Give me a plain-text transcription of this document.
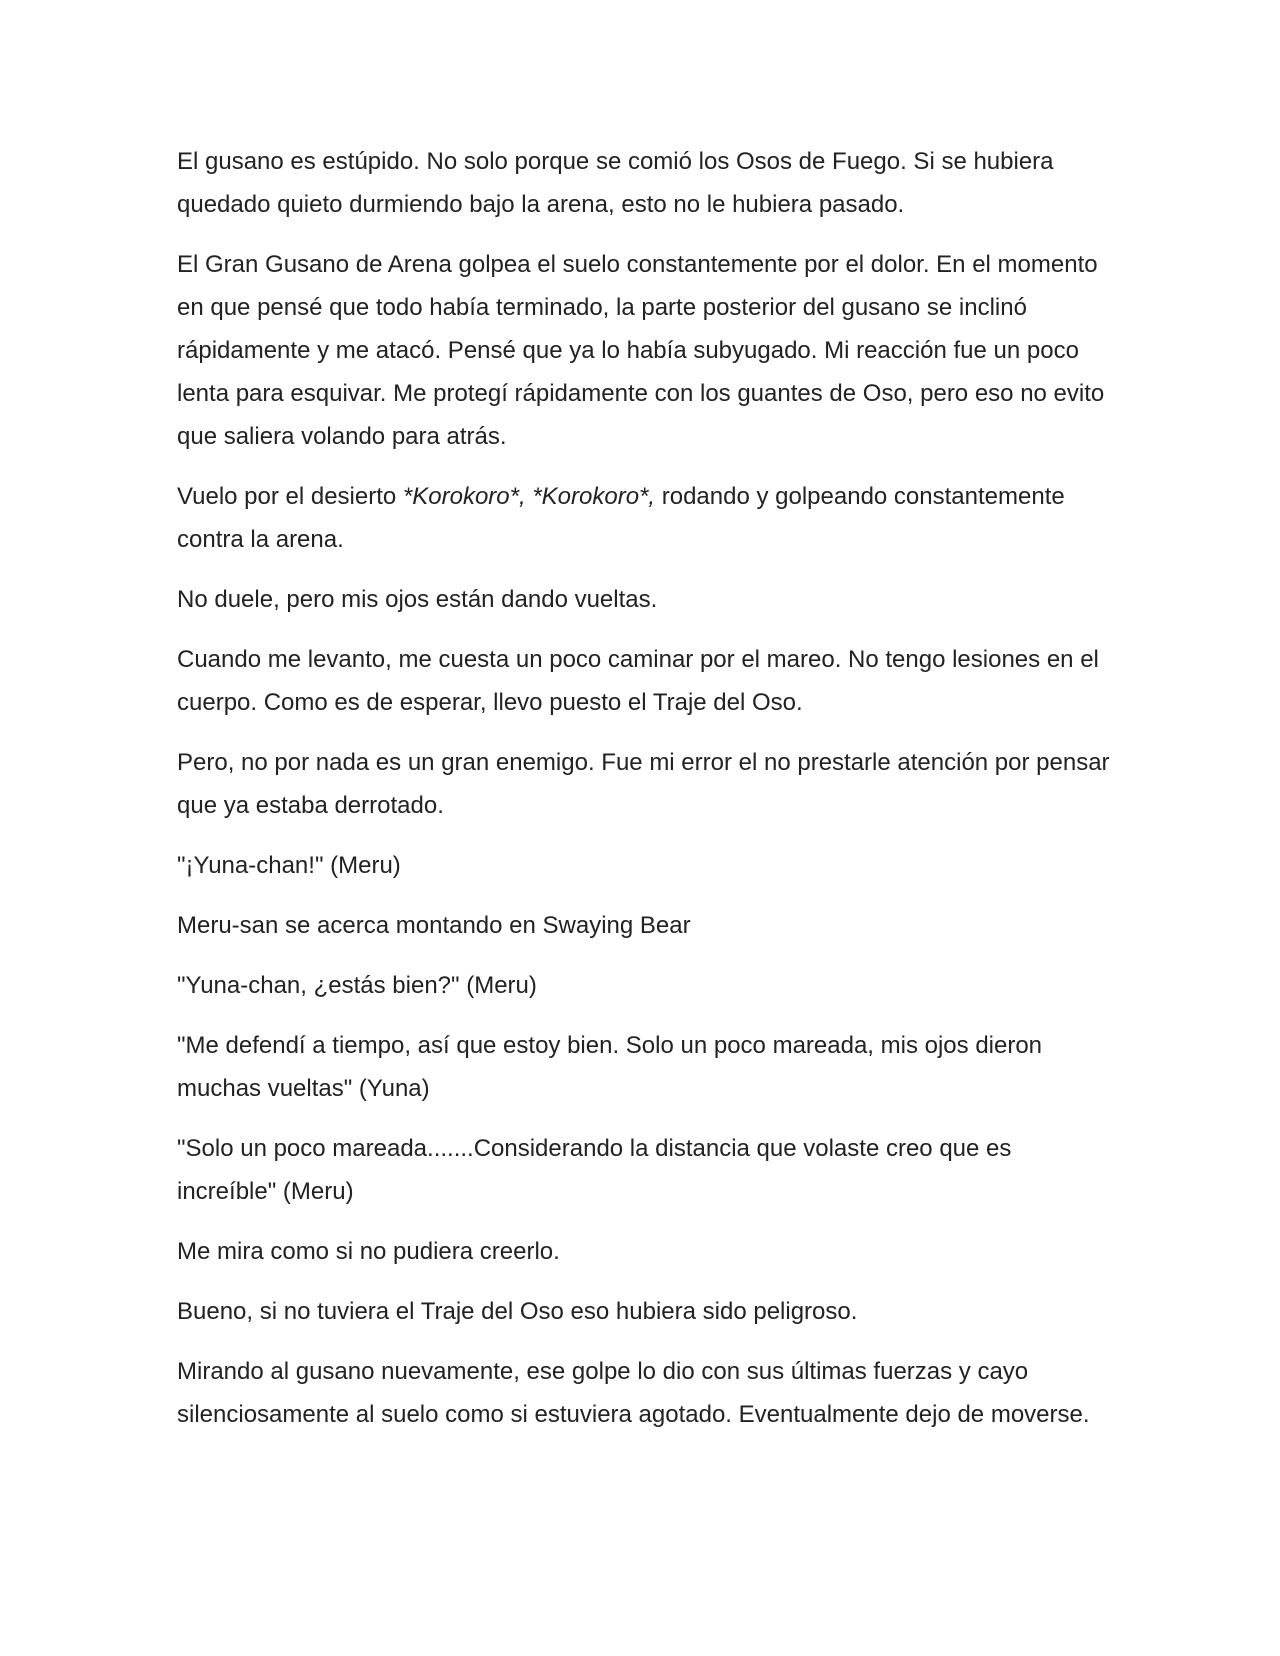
El gusano es estúpido. No solo porque se comió los Osos de Fuego. Si se hubiera quedado quieto durmiendo bajo la arena, esto no le hubiera pasado.

El Gran Gusano de Arena golpea el suelo constantemente por el dolor. En el momento en que pensé que todo había terminado, la parte posterior del gusano se inclinó rápidamente y me atacó. Pensé que ya lo había subyugado. Mi reacción fue un poco lenta para esquivar. Me protegí rápidamente con los guantes de Oso, pero eso no evito que saliera volando para atrás.

Vuelo por el desierto *Korokoro*, *Korokoro*, rodando y golpeando constantemente contra la arena.

No duele, pero mis ojos están dando vueltas.

Cuando me levanto, me cuesta un poco caminar por el mareo. No tengo lesiones en el cuerpo. Como es de esperar, llevo puesto el Traje del Oso.

Pero, no por nada es un gran enemigo. Fue mi error el no prestarle atención por pensar que ya estaba derrotado.

"¡Yuna-chan!" (Meru)

Meru-san se acerca montando en Swaying Bear

"Yuna-chan, ¿estás bien?" (Meru)

"Me defendí a tiempo, así que estoy bien. Solo un poco mareada, mis ojos dieron muchas vueltas" (Yuna)

"Solo un poco mareada.......Considerando la distancia que volaste creo que es increíble" (Meru)

Me mira como si no pudiera creerlo.

Bueno, si no tuviera el Traje del Oso eso hubiera sido peligroso.

Mirando al gusano nuevamente, ese golpe lo dio con sus últimas fuerzas y cayo silenciosamente al suelo como si estuviera agotado. Eventualmente dejo de moverse.
